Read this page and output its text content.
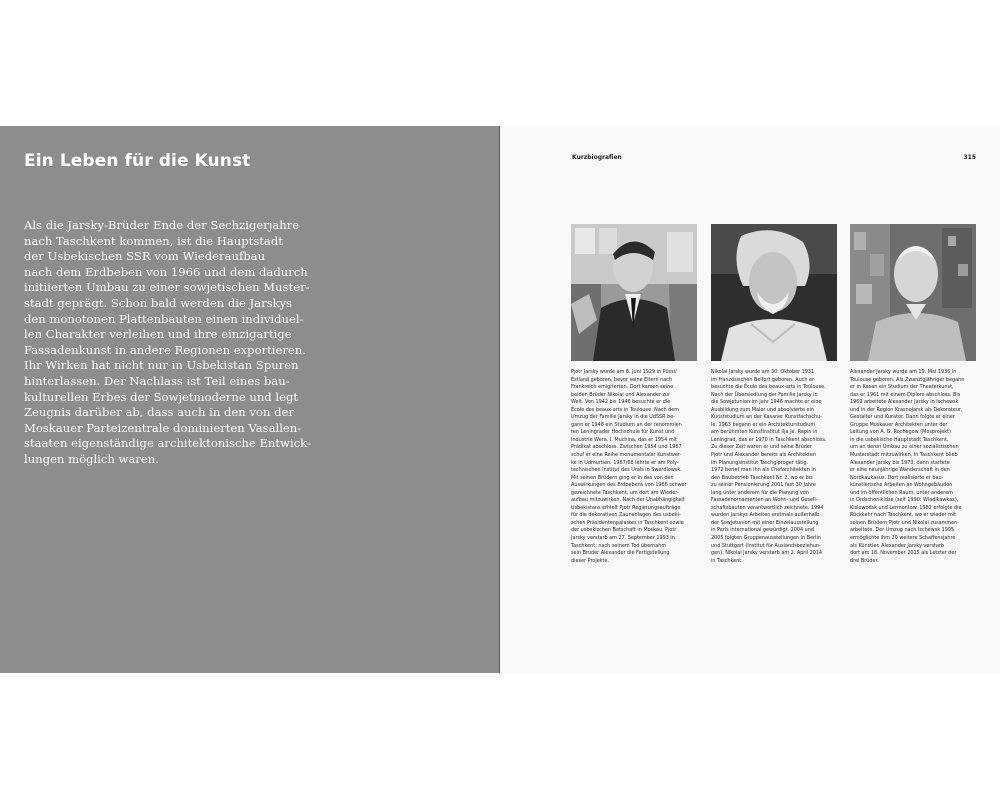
Ein Leben für die Kunst
Als die Jarsky-Brüder Ende der Sechzigerjahre
nach Taschkent kommen, ist die Hauptstadt
der Usbekischen SSR vom Wiederaufbau
nach dem Erdbeben von 1966 und dem dadurch
initiierten Umbau zu einer sowjetischen Muster-
stadt geprägt. Schon bald werden die Jarskys
den monotonen Plattenbauten einen individuel-
len Charakter verleihen und ihre einzigartige
Fassadenkunst in andere Regionen exportieren.
Ihr Wirken hat nicht nur in Usbekistan Spuren
hinterlassen. Der Nachlass ist Teil eines bau-
kulturellen Erbes der Sowjetmoderne und legt
Zeugnis darüber ab, dass auch in den von der
Moskauer Parteizentrale dominierten Vasallen-
staaten eigenständige architektonische Entwick-
lungen möglich waren.
Kurzbiografien	315
Pjotr Jarsky wurde am 8. Juni 1929 in Püssi/
Estland geboren, bevor seine Eltern nach
Frankreich emigrierten. Dort kamen seine
beiden Brüder Nikolai und Alexander zur
Welt. Von 1942 bis 1946 besuchte er die
École des beaux-arts in Toulouse. Nach dem
Umzug der Familie Jarsky in die UdSSR be-
gann er 1948 ein Studium an der renommier-
ten Leningrader Hochschule für Kunst und
Industrie Wera. I. Muchina, das er 1954 mit
Prädikat abschloss. Zwischen 1954 und 1967
schuf er eine Reihe monumentaler Kunstwer-
ke in Udmurtien. 1967/68 lehrte er am Poly-
technischen Institut des Urals in Swerdlowsk.
Mit seinen Brüdern ging er in das von den
Auswirkungen des Erdbebens von 1966 schwer
gezeichnete Taschkent, um dort am Wieder-
aufbau mitzuwirken. Nach der Unabhängigkeit
Usbekistans erhielt Pjotr Regierungsaufträge
für die dekorativen Zaunanlagen des usbeki-
schen Präsidentenpalastes in Taschkent sowie
der usbekischen Botschaft in Moskau. Pjotr
Jarsky verstarb am 27. September 1993 in
Taschkent; nach seinem Tod übernahm
sein Bruder Alexander die Fertigstellung
dieser Projekte.
Nikolai Jarsky wurde am 30. Oktober 1931
im französischen Belfort geboren. Auch er
besuchte die École des beaux-arts in Toulouse.
Nach der Übersiedlung der Familie Jarsky in
die Sowjetunion im Jahr 1946 machte er eine
Ausbildung zum Maler und absolvierte ein
Kunststudium an der Kasaner Kunstfachschu-
le. 1963 begann er ein Architekturstudium
am berühmten Kunstinstitut Ilja Je. Repin in
Leningrad, das er 1970 in Taschkent abschloss.
Zu dieser Zeit waren er und seine Brüder
Pjotr und Alexander bereits als Architekten
im Planungsinstitut Taschgiproger tätig.
1972 berief man ihn als Chefarchitekten in
den Baubetrieb Taschkent Nr. 2, wo er bis
zu seiner Pensionierung 2001 fast 30 Jahre
lang unter anderem für die Planung von
Fassadenornamenten an Wohn- und Gesell-
schaftsbauten verantwortlich zeichnete. 1994
wurden Jarskys Arbeiten erstmals außerhalb
der Sowjetunion mit einer Einzelausstellung
in Paris international gewürdigt. 2004 und
2005 folgten Gruppenausstellungen in Berlin
und Stuttgart (Institut für Auslandsbeziehun-
gen). Nikolai Jarsky verstarb am 2. April 2014
in Taschkent.
Alexander Jarsky wurde am 19. Mai 1936 in
Toulouse geboren. Als Zwanzigjähriger begann
er in Kasan ein Studium der Theaterkunst,
das er 1961 mit einem Diplom abschloss. Bis
1969 arbeitete Alexander Jarsky in Ischewsk
und in der Region Krasnojarsk als Dekorateur,
Gestalter und Kurator. Dann folgte er einer
Gruppe Moskauer Architekten unter der
Leitung von A. G. Rochegow (Mosprojekt)
in die usbekische Hauptstadt Taschkent,
um an deren Umbau zu einer sozialistischen
Musterstadt mitzuwirken. In Taschkent blieb
Alexander Jarsky bis 1973, dann startete
er eine neunjährige Wanderschaft in den
Nordkaukasus. Dort realisierte er bau-
künstlerische Arbeiten an Wohngebäuden
und im öffentlichen Raum, unter anderem
in Ordschonikidse (seit 1990: Wladikawkas),
Kislowodsk und Lermontow. 1982 erfolgte die
Rückkehr nach Taschkent, wo er wieder mit
seinen Brüdern Pjotr und Nikolai zusammen-
arbeitete. Der Umzug nach Ischewsk 1995
ermöglichte ihm 20 weitere Schaffensjahre
als Künstler. Alexander Jarsky verstarb
dort am 18. November 2015 als Letzter der
drei Brüder.
